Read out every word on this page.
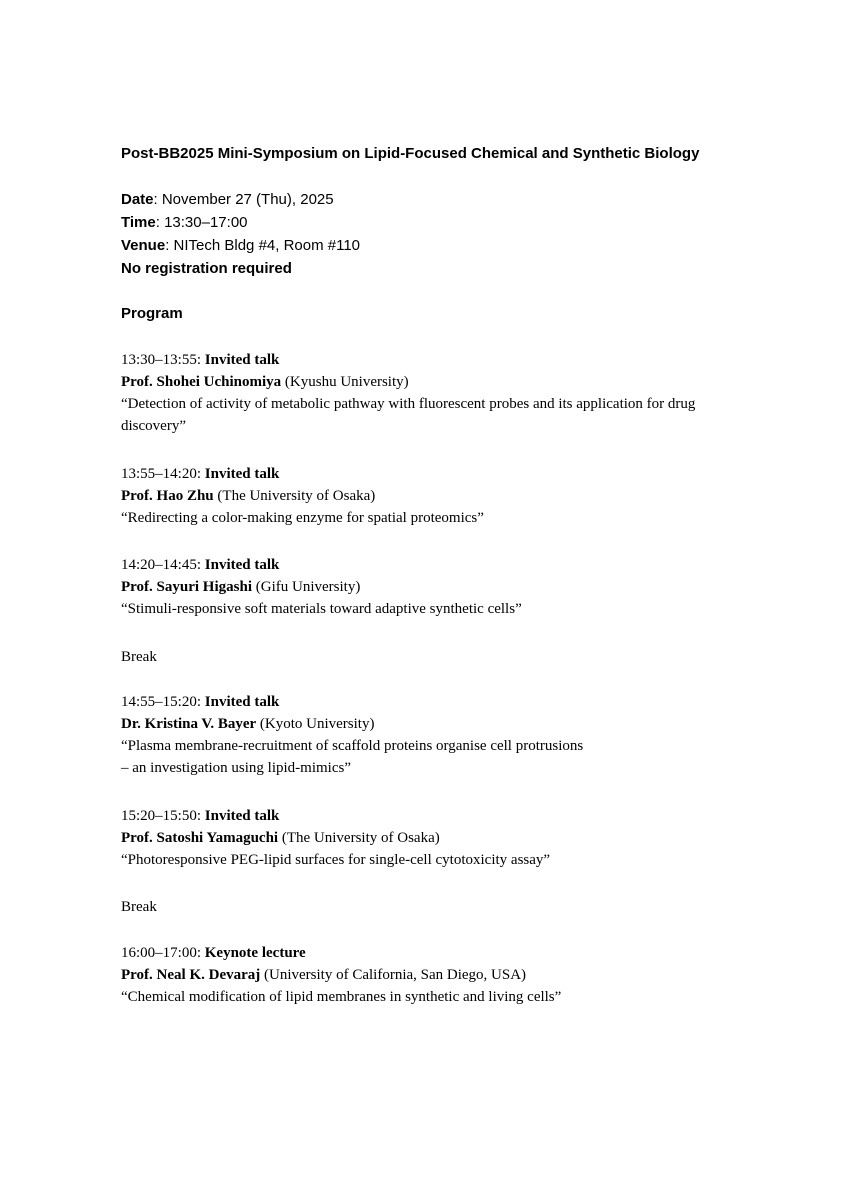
Post-BB2025 Mini-Symposium on Lipid-Focused Chemical and Synthetic Biology
Date: November 27 (Thu), 2025
Time: 13:30–17:00
Venue: NITech Bldg #4, Room #110
No registration required
Program
13:30–13:55: Invited talk
Prof. Shohei Uchinomiya (Kyushu University)
“Detection of activity of metabolic pathway with fluorescent probes and its application for drug
discovery”
13:55–14:20: Invited talk
Prof. Hao Zhu (The University of Osaka)
“Redirecting a color-making enzyme for spatial proteomics”
14:20–14:45: Invited talk
Prof. Sayuri Higashi (Gifu University)
“Stimuli-responsive soft materials toward adaptive synthetic cells”
Break
14:55–15:20: Invited talk
Dr. Kristina V. Bayer (Kyoto University)
“Plasma membrane-recruitment of scaffold proteins organise cell protrusions
– an investigation using lipid-mimics”
15:20–15:50: Invited talk
Prof. Satoshi Yamaguchi (The University of Osaka)
“Photoresponsive PEG-lipid surfaces for single-cell cytotoxicity assay”
Break
16:00–17:00: Keynote lecture
Prof. Neal K. Devaraj (University of California, San Diego, USA)
“Chemical modification of lipid membranes in synthetic and living cells”
